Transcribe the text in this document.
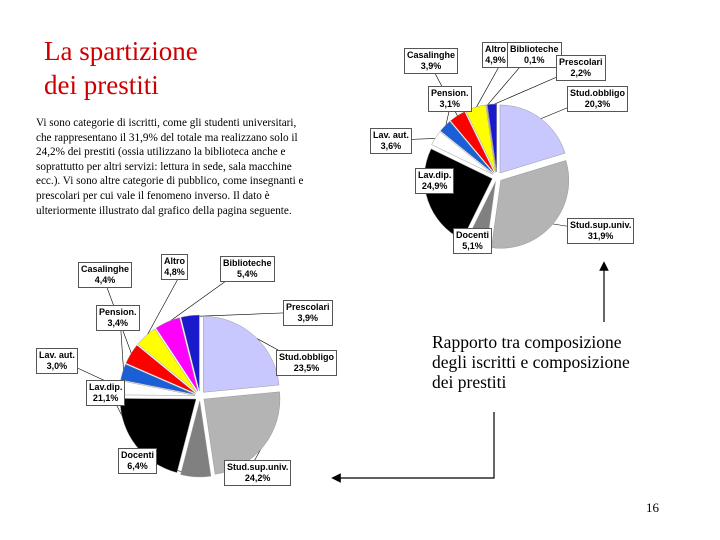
La spartizione
dei prestiti
Vi sono categorie di iscritti, come gli studenti universitari, che rappresentano il 31,9% del totale ma realizzano solo il 24,2% dei prestiti (ossia utilizzano la biblioteca anche e soprattutto per altri servizi: lettura in sede, sala macchine ecc.). Vi sono altre categorie di pubblico, come insegnanti e prescolari per cui vale il fenomeno inverso. Il dato è ulteriormente illustrato dal grafico della pagina seguente.
Rapporto tra composizione
degli iscritti e composizione
dei prestiti
16
Stud.obbligo
20,3%
Stud.sup.univ.
31,9%
Docenti
5,1%
Lav.dip.
24,9%
Lav. aut.
3,6%
Pension.
3,1%
Casalinghe
3,9%
Altro
4,9%
Biblioteche
0,1%	Prescolari
2,2%
Stud.obbligo
23,5%
Stud.sup.univ.
24,2%
Docenti
6,4%
Lav.dip.
21,1%
Lav. aut.
3,0%
Pension.
3,4%
Casalinghe
4,4%
Altro
4,8%
Biblioteche
5,4%
Prescolari
3,9%
